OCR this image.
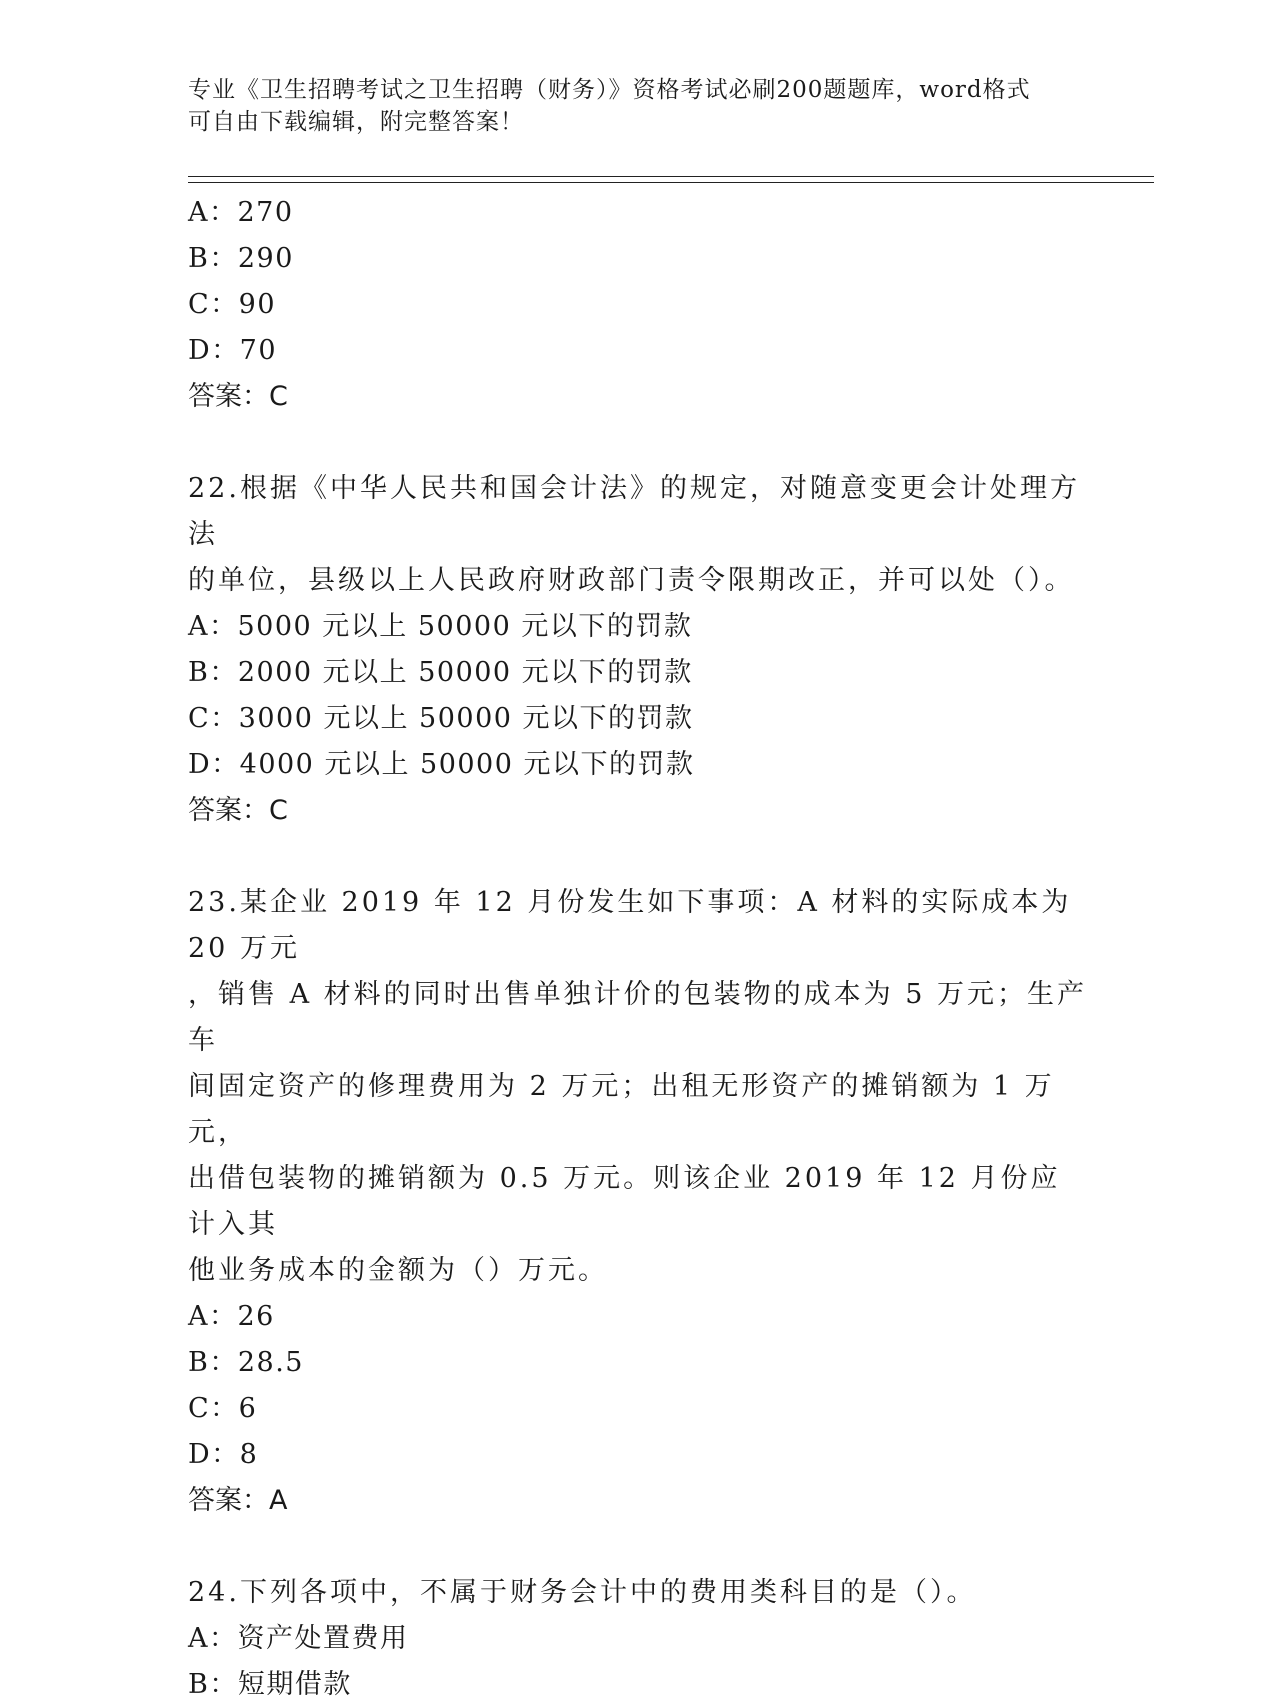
专业《卫生招聘考试之卫生招聘（财务）》资格考试必刷200题题库，word格式
可自由下载编辑，附完整答案！
A：270
B：290
C：90
D：70
答案：C
22.根据《中华人民共和国会计法》的规定，对随意变更会计处理方法
的单位，县级以上人民政府财政部门责令限期改正，并可以处（）。
A：5000 元以上 50000 元以下的罚款
B：2000 元以上 50000 元以下的罚款
C：3000 元以上 50000 元以下的罚款
D：4000 元以上 50000 元以下的罚款
答案：C
23.某企业 2019 年 12 月份发生如下事项：A 材料的实际成本为 20 万元
，销售 A 材料的同时出售单独计价的包装物的成本为 5 万元；生产车
间固定资产的修理费用为 2 万元；出租无形资产的摊销额为 1 万元，
出借包装物的摊销额为 0.5 万元。则该企业 2019 年 12 月份应计入其
他业务成本的金额为（）万元。
A：26
B：28.5
C：6
D：8
答案：A
24.下列各项中，不属于财务会计中的费用类科目的是（）。
A：资产处置费用
B：短期借款
